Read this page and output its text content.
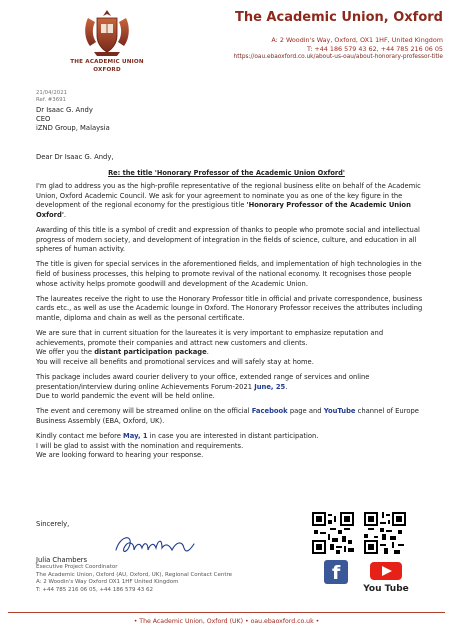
THE ACADEMIC UNION
OXFORD
The Academic Union, Oxford
A: 2 Woodin's Way, Oxford, OX1 1HF, United Kingdom
T: +44 186 579 43 62, +44 785 216 06 05
https://oau.ebaoxford.co.uk/about-us-oau/about-honorary-professor-title
21/04/2021
Ref. #3691
Dr Isaac G. Andy
CEO
iZND Group, Malaysia
Dear Dr Isaac G. Andy,
Re: the title 'Honorary Professor of the Academic Union Oxford'

I'm glad to address you as the high-profile representative of the regional business elite on behalf of the Academic Union, Oxford Academic Council. We ask for your agreement to nominate you as one of the key figure in the development of the regional economy for the prestigious title 'Honorary Professor of the Academic Union Oxford'.

Awarding of this title is a symbol of credit and expression of thanks to people who promote social and intellectual progress of modern society, and development of integration in the fields of science, culture, and education in all spheres of human activity.

The title is given for special services in the aforementioned fields, and implementation of high technologies in the field of business processes, this helping to promote revival of the national economy. It recognises those people whose activity helps promote goodwill and development of the Academic Union.

The laureates receive the right to use the Honorary Professor title in official and private correspondence, business cards etc., as well as use the Academic lounge in Oxford. The Honorary Professor receives the attributes including mantle, diploma and chain as well as the personal certificate.

We are sure that in current situation for the laureates it is very important to emphasize reputation and achievements, promote their companies and attract new customers and clients.
We offer you the distant participation package.
You will receive all benefits and promotional services and will safely stay at home.

This package includes award courier delivery to your office, extended range of services and online presentation/interview during online Achievements Forum-2021 June, 25.
Due to world pandemic the event will be held online.

The event and ceremony will be streamed online on the official Facebook page and YouTube channel of Europe Business Assembly (EBA, Oxford, UK).

Kindly contact me before May, 1 in case you are interested in distant participation.
I will be glad to assist with the nomination and requirements.
We are looking forward to hearing your response.

Sincerely,
Julia Chambers
Executive Project Coordinator
The Academic Union, Oxford (AU, Oxford, UK), Regional Contact Centre
A: 2 Woodin's Way Oxford OX1 1HF United Kingdom
T: +44 785 216 06 05, +44 186 579 43 62
f
You Tube
• The Academic Union, Oxford (UK) • oau.ebaoxford.co.uk •
